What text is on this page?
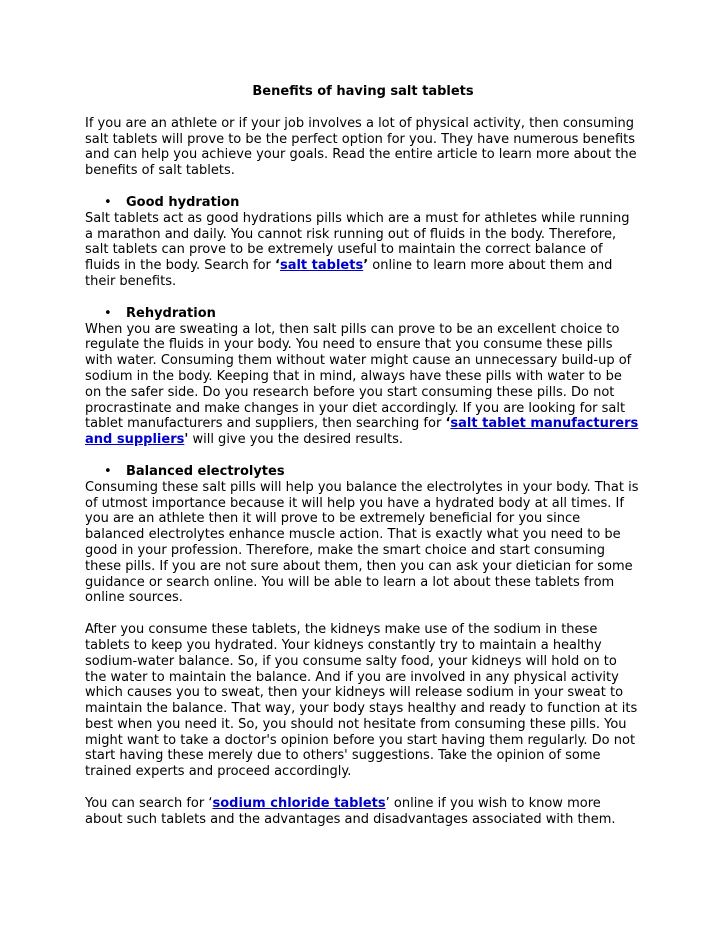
Benefits of having salt tablets

If you are an athlete or if your job involves a lot of physical activity, then consuming salt tablets will prove to be the perfect option for you. They have numerous benefits and can help you achieve your goals. Read the entire article to learn more about the benefits of salt tablets.

• Good hydration

Salt tablets act as good hydrations pills which are a must for athletes while running a marathon and daily. You cannot risk running out of fluids in the body. Therefore, salt tablets can prove to be extremely useful to maintain the correct balance of fluids in the body. Search for ‘salt tablets’ online to learn more about them and their benefits.

• Rehydration

When you are sweating a lot, then salt pills can prove to be an excellent choice to regulate the fluids in your body. You need to ensure that you consume these pills with water. Consuming them without water might cause an unnecessary build-up of sodium in the body. Keeping that in mind, always have these pills with water to be on the safer side. Do you research before you start consuming these pills. Do not procrastinate and make changes in your diet accordingly. If you are looking for salt tablet manufacturers and suppliers, then searching for ‘salt tablet manufacturers and suppliers' will give you the desired results.

• Balanced electrolytes

Consuming these salt pills will help you balance the electrolytes in your body. That is of utmost importance because it will help you have a hydrated body at all times. If you are an athlete then it will prove to be extremely beneficial for you since balanced electrolytes enhance muscle action. That is exactly what you need to be good in your profession. Therefore, make the smart choice and start consuming these pills. If you are not sure about them, then you can ask your dietician for some guidance or search online. You will be able to learn a lot about these tablets from online sources.

After you consume these tablets, the kidneys make use of the sodium in these tablets to keep you hydrated. Your kidneys constantly try to maintain a healthy sodium-water balance. So, if you consume salty food, your kidneys will hold on to the water to maintain the balance. And if you are involved in any physical activity which causes you to sweat, then your kidneys will release sodium in your sweat to maintain the balance. That way, your body stays healthy and ready to function at its best when you need it. So, you should not hesitate from consuming these pills. You might want to take a doctor's opinion before you start having them regularly. Do not start having these merely due to others' suggestions. Take the opinion of some trained experts and proceed accordingly.

You can search for ‘sodium chloride tablets’ online if you wish to know more about such tablets and the advantages and disadvantages associated with them.
